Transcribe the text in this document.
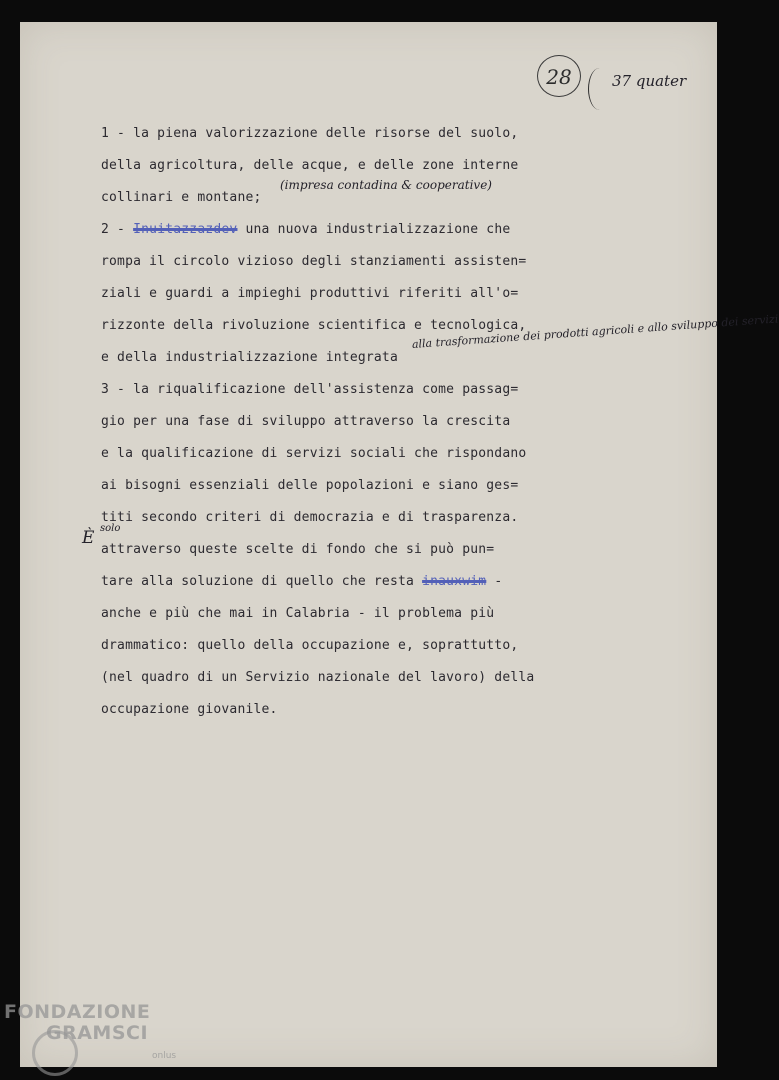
28	37 quater
1 - la piena valorizzazione delle risorse del suolo,
della agricoltura, delle acque, e delle zone interne
collinari e montane;
2 - Inuitazzazdev una nuova industrializzazione che
rompa il circolo vizioso degli stanziamenti assisten=
ziali e guardi a impieghi produttivi riferiti all'o=
rizzonte della rivoluzione scientifica e tecnologica,
e della industrializzazione integrata
3 - la riqualificazione dell'assistenza come passag=
gio per una fase di sviluppo attraverso la crescita
e la qualificazione di servizi sociali che rispondano
ai bisogni essenziali delle popolazioni e siano ges=
titi secondo criteri di democrazia e di trasparenza.
attraverso queste scelte di fondo che si può pun=
tare alla soluzione di quello che resta inauxwim -
anche e più che mai in Calabria - il problema più
drammatico: quello della occupazione e, soprattutto,
(nel quadro di un Servizio nazionale del lavoro) della
occupazione giovanile.
(impresa contadina & cooperative)
alla trasformazione dei prodotti agricoli e allo sviluppo dei servizi
È solo
FONDAZIONE
GRAMSCI
onlus
